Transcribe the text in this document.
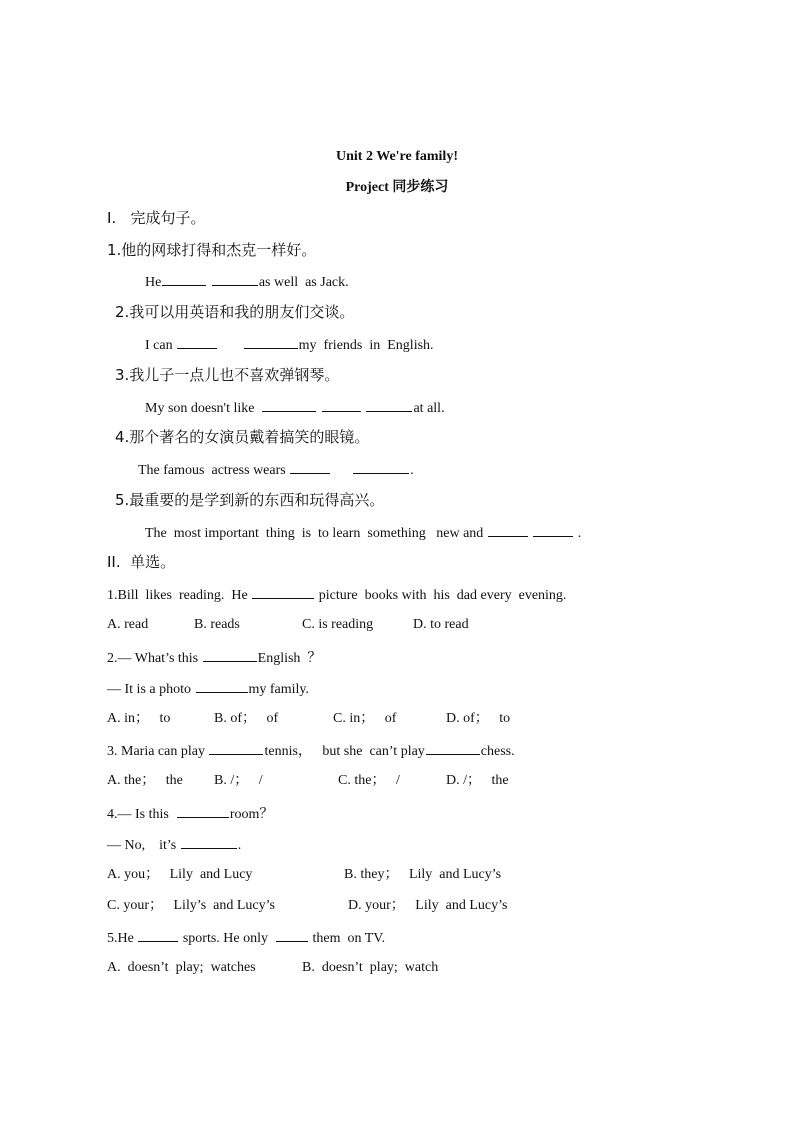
Unit 2 We're family!
Project 同步练习
I.   完成句子。
1.他的网球打得和杰克一样好。
He	as well  as Jack.
2.我可以用英语和我的朋友们交谈。
I can	my  friends  in  English.
3.我儿子一点儿也不喜欢弹钢琴。
My son doesn't like	at all.
4.那个著名的女演员戴着搞笑的眼镜。
The famous  actress wears	.
5.最重要的是学到新的东西和玩得高兴。
The  most important  thing  is  to learn  something   new and	.
II.  单选。
1.Bill  likes  reading.  He	picture  books with  his  dad every  evening.
A. read	B. reads	C. is reading	D. to read
2.— What’s this	English  ？
— It is a photo	my family.
A. in；   to	B. of；   of	C. in；   of	D. of；   to
3. Maria can play	tennis，   but she  can’t play	chess.
A. the；   the B. /；   /	C. the；   /	D. /；   the
4.— Is this	room？
— No,    it’s	.
A. you；   Lily  and Lucy	B. they；   Lily  and Lucy’s
C. your；   Lily’s  and Lucy’s	D. your；   Lily  and Lucy’s
5.He	sports. He only	them  on TV.
A.  doesn’t  play;  watches	B.  doesn’t  play;  watch
